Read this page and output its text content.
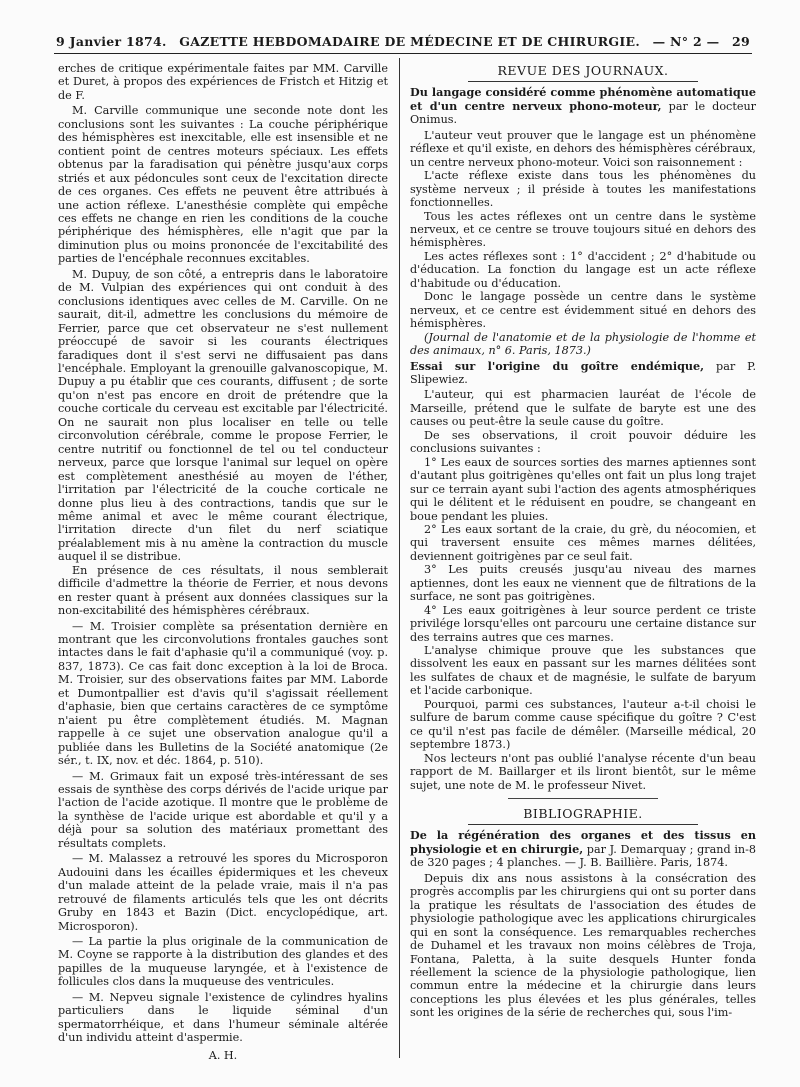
9 Janvier 1874. GAZETTE HEBDOMADAIRE DE MÉDECINE ET DE CHIRURGIE. — N° 2 — 29

erches de critique expérimentale faites par MM. Carville et Duret, à propos des expériences de Fristch et Hitzig et de F.

M. Carville communique une seconde note dont les conclusions sont les suivantes : La couche périphérique des hémisphères est inexcitable, elle est insensible et ne contient point de centres moteurs spéciaux. Les effets obtenus par la faradisation qui pénètre jusqu'aux corps striés et aux pédoncules sont ceux de l'excitation directe de ces organes. Ces effets ne peuvent être attribués à une action réflexe. L'anesthésie complète qui empêche ces effets ne change en rien les conditions de la couche périphérique des hémisphères, elle n'agit que par la diminution plus ou moins prononcée de l'excitabilité des parties de l'encéphale reconnues excitables.

M. Dupuy, de son côté, a entrepris dans le laboratoire de M. Vulpian des expériences qui ont conduit à des conclusions identiques avec celles de M. Carville. On ne saurait, dit-il, admettre les conclusions du mémoire de Ferrier, parce que cet observateur ne s'est nullement préoccupé de savoir si les courants électriques faradiques dont il s'est servi ne diffusaient pas dans l'encéphale. Employant la grenouille galvanoscopique, M. Dupuy a pu établir que ces courants, diffusent ; de sorte qu'on n'est pas encore en droit de prétendre que la couche corticale du cerveau est excitable par l'électricité. On ne saurait non plus localiser en telle ou telle circonvolution cérébrale, comme le propose Ferrier, le centre nutritif ou fonctionnel de tel ou tel conducteur nerveux, parce que lorsque l'animal sur lequel on opère est complètement anesthésié au moyen de l'éther, l'irritation par l'électricité de la couche corticale ne donne plus lieu à des contractions, tandis que sur le même animal et avec le même courant électrique, l'irritation directe d'un filet du nerf sciatique préalablement mis à nu amène la contraction du muscle auquel il se distribue.

En présence de ces résultats, il nous semblerait difficile d'admettre la théorie de Ferrier, et nous devons en rester quant à présent aux données classiques sur la non-excitabilité des hémisphères cérébraux.

— M. Troisier complète sa présentation dernière en montrant que les circonvolutions frontales gauches sont intactes dans le fait d'aphasie qu'il a communiqué (voy. p. 837, 1873). Ce cas fait donc exception à la loi de Broca. M. Troisier, sur des observations faites par MM. Laborde et Dumontpallier est d'avis qu'il s'agissait réellement d'aphasie, bien que certains caractères de ce symptôme n'aient pu être complètement étudiés. M. Magnan rappelle à ce sujet une observation analogue qu'il a publiée dans les Bulletins de la Société anatomique (2e sér., t. IX, nov. et déc. 1864, p. 510).

— M. Grimaux fait un exposé très-intéressant de ses essais de synthèse des corps dérivés de l'acide urique par l'action de l'acide azotique. Il montre que le problème de la synthèse de l'acide urique est abordable et qu'il y a déjà pour sa solution des matériaux promettant des résultats complets.

— M. Malassez a retrouvé les spores du Microsporon Audouini dans les écailles épidermiques et les cheveux d'un malade atteint de la pelade vraie, mais il n'a pas retrouvé de filaments articulés tels que les ont décrits Gruby en 1843 et Bazin (Dict. encyclopédique, art. Microsporon).

— La partie la plus originale de la communication de M. Coyne se rapporte à la distribution des glandes et des papilles de la muqueuse laryngée, et à l'existence de follicules clos dans la muqueuse des ventricules.

— M. Nepveu signale l'existence de cylindres hyalins particuliers dans le liquide séminal d'un spermatorrhéique, et dans l'humeur séminale altérée d'un individu atteint d'aspermie.

A. H.
REVUE DES JOURNAUX.

Du langage considéré comme phénomène automatique et d'un centre nerveux phono-moteur, par le docteur Onimus.

L'auteur veut prouver que le langage est un phénomène réflexe et qu'il existe, en dehors des hémisphères cérébraux, un centre nerveux phono-moteur. Voici son raisonnement :

L'acte réflexe existe dans tous les phénomènes du système nerveux ; il préside à toutes les manifestations fonctionnelles.

Tous les actes réflexes ont un centre dans le système nerveux, et ce centre se trouve toujours situé en dehors des hémisphères.

Les actes réflexes sont : 1° d'accident ; 2° d'habitude ou d'éducation. La fonction du langage est un acte réflexe d'habitude ou d'éducation.

Donc le langage possède un centre dans le système nerveux, et ce centre est évidemment situé en dehors des hémisphères.

(Journal de l'anatomie et de la physiologie de l'homme et des animaux, n° 6. Paris, 1873.)

Essai sur l'origine du goître endémique, par P. Slipewiez.

L'auteur, qui est pharmacien lauréat de l'école de Marseille, prétend que le sulfate de baryte est une des causes ou peut-être la seule cause du goître.

De ses observations, il croit pouvoir déduire les conclusions suivantes :

1° Les eaux de sources sorties des marnes aptiennes sont d'autant plus goitrigènes qu'elles ont fait un plus long trajet sur ce terrain ayant subi l'action des agents atmosphériques qui le délitent et le réduisent en poudre, se changeant en boue pendant les pluies.

2° Les eaux sortant de la craie, du grè, du néocomien, et qui traversent ensuite ces mêmes marnes délitées, deviennent goitrigènes par ce seul fait.

3° Les puits creusés jusqu'au niveau des marnes aptiennes, dont les eaux ne viennent que de filtrations de la surface, ne sont pas goitrigènes.

4° Les eaux goitrigènes à leur source perdent ce triste privilége lorsqu'elles ont parcouru une certaine distance sur des terrains autres que ces marnes.

L'analyse chimique prouve que les substances que dissolvent les eaux en passant sur les marnes délitées sont les sulfates de chaux et de magnésie, le sulfate de baryum et l'acide carbonique.

Pourquoi, parmi ces substances, l'auteur a-t-il choisi le sulfure de barum comme cause spécifique du goître ? C'est ce qu'il n'est pas facile de démêler. (Marseille médical, 20 septembre 1873.)

Nos lecteurs n'ont pas oublié l'analyse récente d'un beau rapport de M. Baillarger et ils liront bientôt, sur le même sujet, une note de M. le professeur Nivet.

BIBLIOGRAPHIE.

De la régénération des organes et des tissus en physiologie et en chirurgie, par J. Demarquay ; grand in-8 de 320 pages ; 4 planches. — J. B. Baillière. Paris, 1874.

Depuis dix ans nous assistons à la consécration des progrès accomplis par les chirurgiens qui ont su porter dans la pratique les résultats de l'association des études de physiologie pathologique avec les applications chirurgicales qui en sont la conséquence. Les remarquables recherches de Duhamel et les travaux non moins célèbres de Troja, Fontana, Paletta, à la suite desquels Hunter fonda réellement la science de la physiologie pathologique, lien commun entre la médecine et la chirurgie dans leurs conceptions les plus élevées et les plus générales, telles sont les origines de la série de recherches qui, sous l'im-
